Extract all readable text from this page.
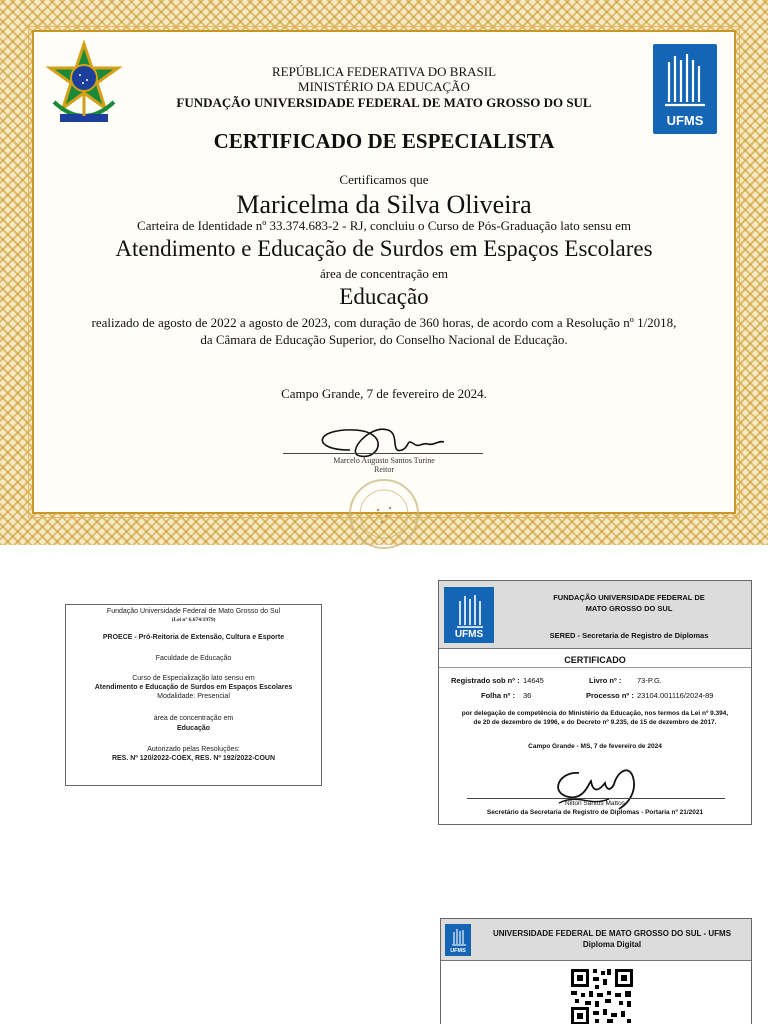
UFMS
REPÚBLICA FEDERATIVA DO BRASIL
MINISTÉRIO DA EDUCAÇÃO
FUNDAÇÃO UNIVERSIDADE FEDERAL DE MATO GROSSO DO SUL
CERTIFICADO DE ESPECIALISTA
Certificamos que
Maricelma da Silva Oliveira
Carteira de Identidade nº 33.374.683-2 - RJ, concluiu o Curso de Pós-Graduação lato sensu em
Atendimento e Educação de Surdos em Espaços Escolares
área de concentração em
Educação
realizado de agosto de 2022 a agosto de 2023, com duração de 360 horas, de acordo com a Resolução nº 1/2018,
da Câmara de Educação Superior, do Conselho Nacional de Educação.
Campo Grande, 7 de fevereiro de 2024.
Marcelo Augusto Santos Turine
Reitor
Fundação Universidade Federal de Mato Grosso do Sul
(Lei nº 6.674/1979)
PROECE - Pró-Reitoria de Extensão, Cultura e Esporte
Faculdade de Educação
Curso de Especialização lato sensu em
Atendimento e Educação de Surdos em Espaços Escolares
Modalidade: Presencial
área de concentração em
Educação
Autorizado pelas Resoluções:
RES. Nº 120/2022-COEX, RES. Nº 192/2022-COUN
UFMS
FUNDAÇÃO UNIVERSIDADE FEDERAL DE
MATO GROSSO DO SUL
SERED - Secretaria de Registro de Diplomas
CERTIFICADO
Registrado sob nº : 14645	Livro nº : 73-P.G.
Folha nº : 36	Processo nº : 23104.001116/2024-89
por delegação de competência do Ministério da Educação, nos termos da Lei nº 9.394,
de 20 de dezembro de 1996, e do Decreto nº 9.235, de 15 de dezembro de 2017.
Campo Grande - MS, 7 de fevereiro de 2024
Nilton Santos Mattos
Secretário da Secretaria de Registro de Diplomas - Portaria nº 21/2021
UFMS
UNIVERSIDADE FEDERAL DE MATO GROSSO DO SUL - UFMS
Diploma Digital
